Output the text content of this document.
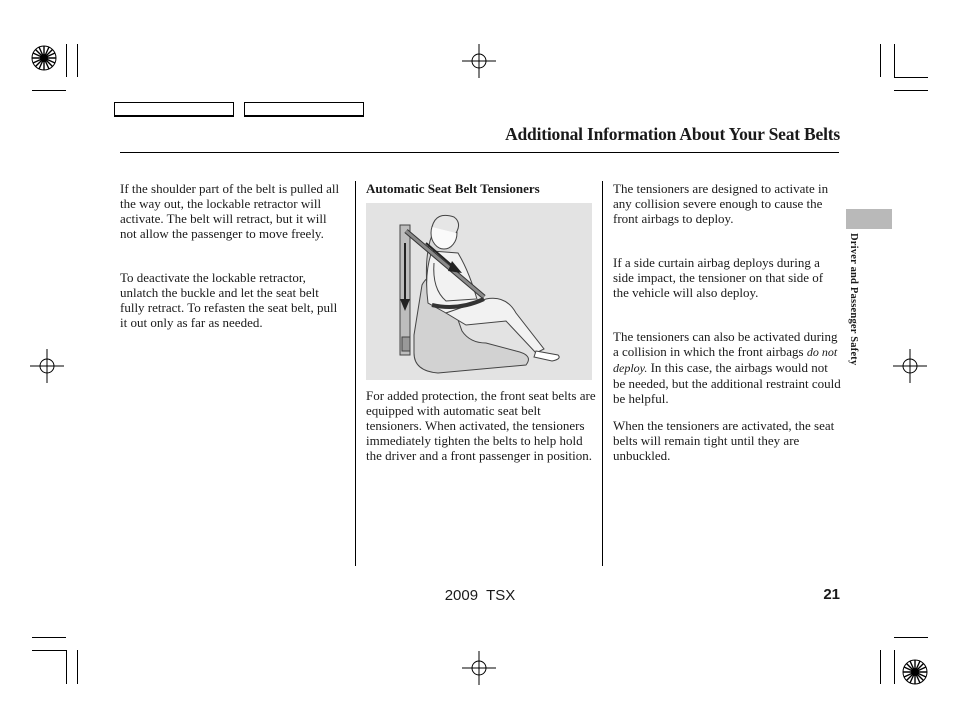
Additional Information About Your Seat Belts

If the shoulder part of the belt is pulled all the way out, the lockable retractor will activate. The belt will retract, but it will not allow the passenger to move freely.

To deactivate the lockable retractor, unlatch the buckle and let the seat belt fully retract. To refasten the seat belt, pull it out only as far as needed.

Automatic Seat Belt Tensioners

For added protection, the front seat belts are equipped with automatic seat belt tensioners. When activated, the tensioners immediately tighten the belts to help hold the driver and a front passenger in position.

The tensioners are designed to activate in any collision severe enough to cause the front airbags to deploy.

If a side curtain airbag deploys during a side impact, the tensioner on that side of the vehicle will also deploy.

The tensioners can also be activated during a collision in which the front airbags do not deploy. In this case, the airbags would not be needed, but the additional restraint could be helpful.

When the tensioners are activated, the seat belts will remain tight until they are unbuckled.

Driver and Passenger Safety
2009  TSX	21
